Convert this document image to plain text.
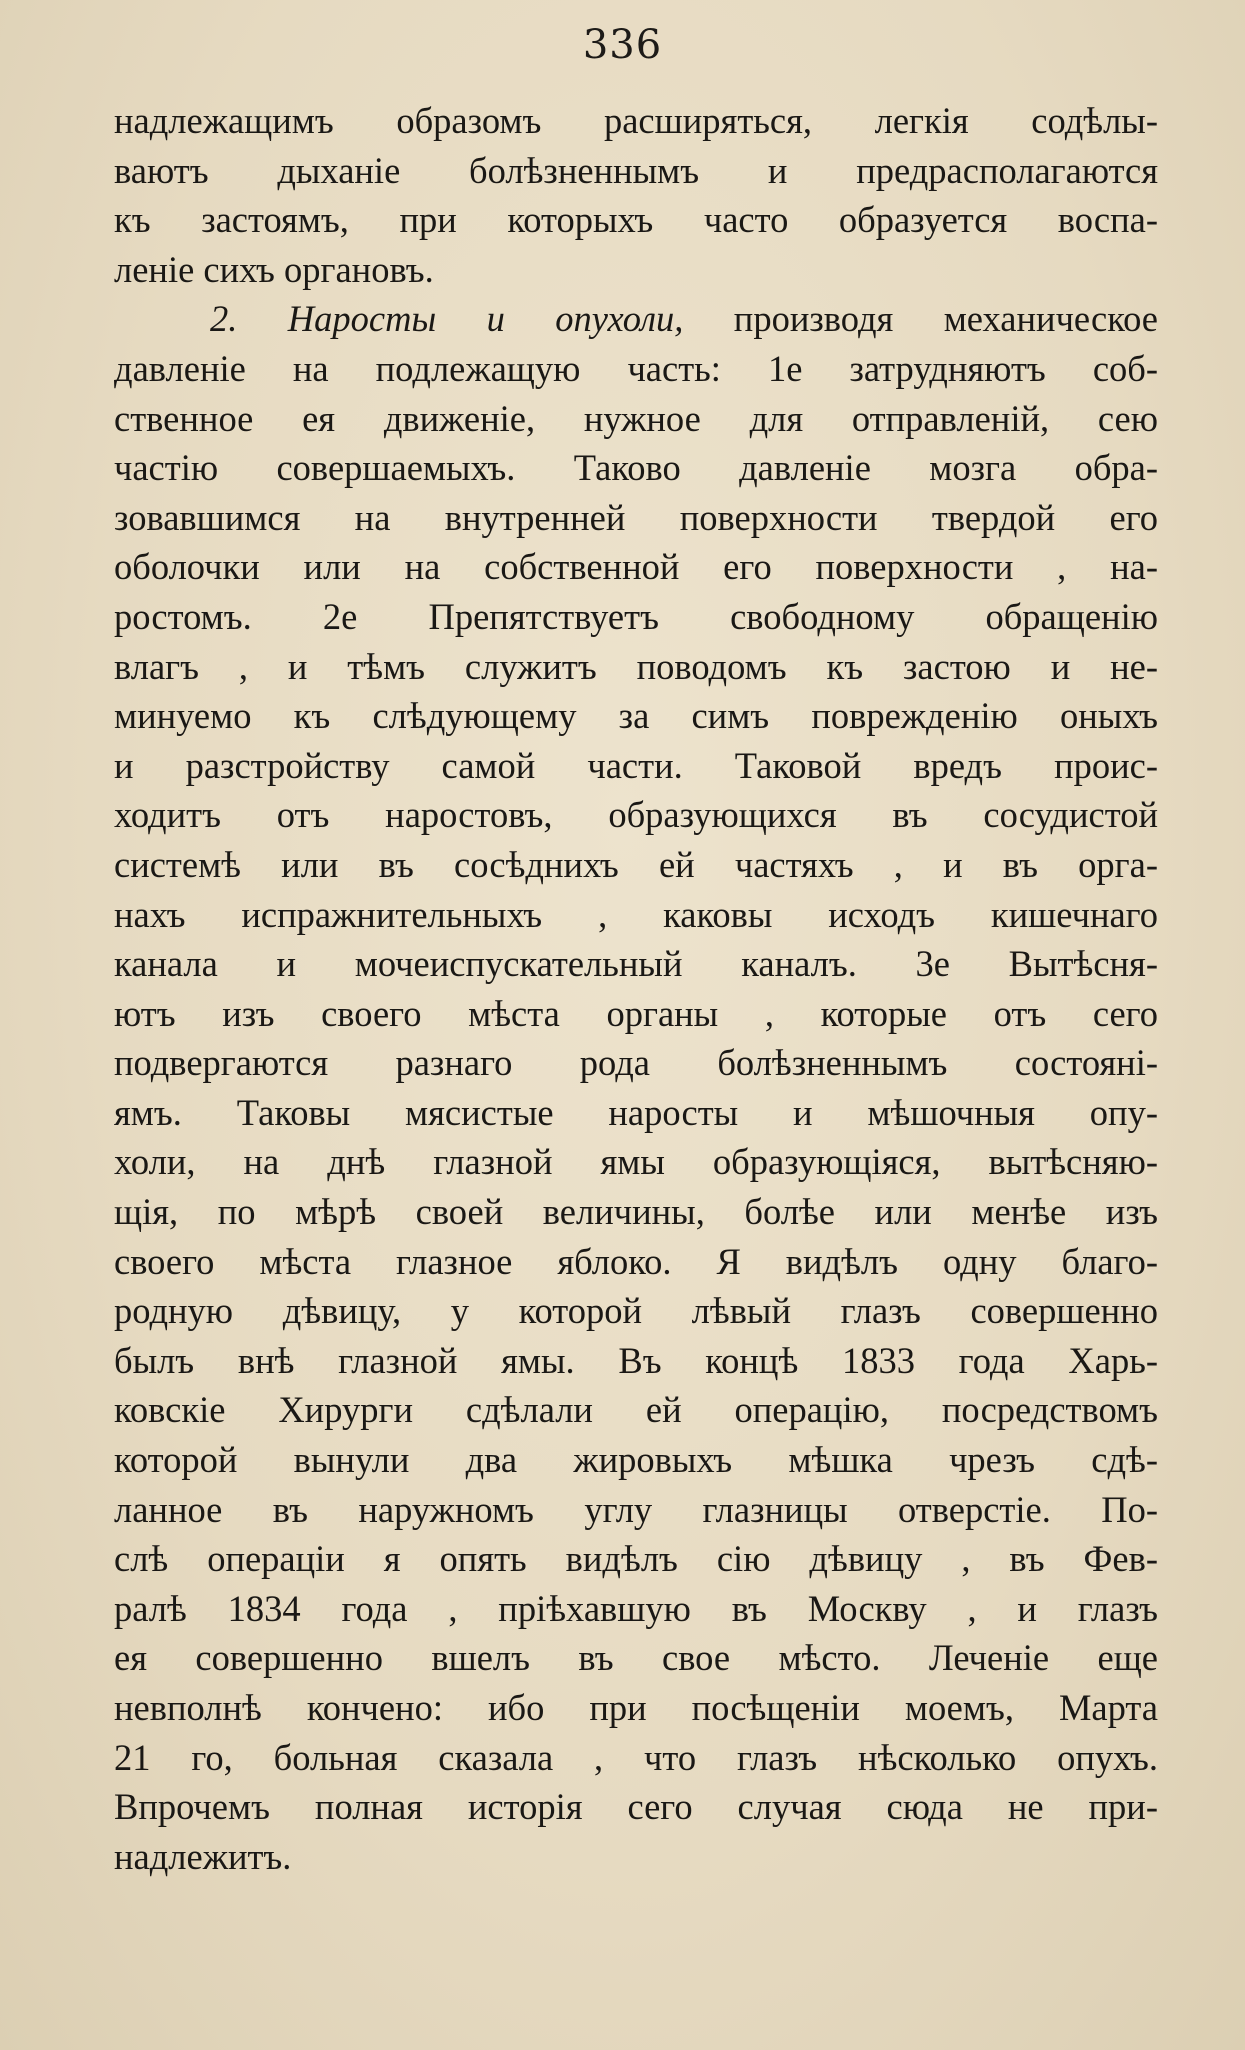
336
надлежащимъ образомъ расширяться, легкія содѣлы-
ваютъ дыханіе болѣзненнымъ и предрасполагаются
къ застоямъ, при которыхъ часто образуется воспа-
леніе сихъ органовъ.
2. Наросты и опухоли, производя механическое
давленіе на подлежащую часть: 1е затрудняютъ соб-
ственное ея движеніе, нужное для отправленій, сею
частію совершаемыхъ. Таково давленіе мозга обра-
зовавшимся на внутренней поверхности твердой его
оболочки или на собственной его поверхности , на-
ростомъ. 2е Препятствуетъ свободному обращенію
влагъ , и тѣмъ служитъ поводомъ къ застою и не-
минуемо къ слѣдующему за симъ поврежденію оныхъ
и разстройству самой части. Таковой вредъ проис-
ходитъ отъ наростовъ, образующихся въ сосудистой
системѣ или въ сосѣднихъ ей частяхъ , и въ орга-
нахъ испражнительныхъ , каковы исходъ кишечнаго
канала и мочеиспускательный каналъ. 3е Вытѣсня-
ютъ изъ своего мѣста органы , которые отъ сего
подвергаются разнаго рода болѣзненнымъ состояні-
ямъ. Таковы мясистые наросты и мѣшочныя опу-
холи, на днѣ глазной ямы образующіяся, вытѣсняю-
щія, по мѣрѣ своей величины, болѣе или менѣе изъ
своего мѣста глазное яблоко. Я видѣлъ одну благо-
родную дѣвицу, у которой лѣвый глазъ совершенно
былъ внѣ глазной ямы. Въ концѣ 1833 года Харь-
ковскіе Хирурги сдѣлали ей операцію, посредствомъ
которой вынули два жировыхъ мѣшка чрезъ сдѣ-
ланное въ наружномъ углу глазницы отверстіе. По-
слѣ операціи я опять видѣлъ сію дѣвицу , въ Фев-
ралѣ 1834 года , пріѣхавшую въ Москву , и глазъ
ея совершенно вшелъ въ свое мѣсто. Леченіе еще
невполнѣ кончено: ибо при посѣщеніи моемъ, Марта
21 го, больная сказала , что глазъ нѣсколько опухъ.
Впрочемъ полная исторія сего случая сюда не при-
надлежитъ.
